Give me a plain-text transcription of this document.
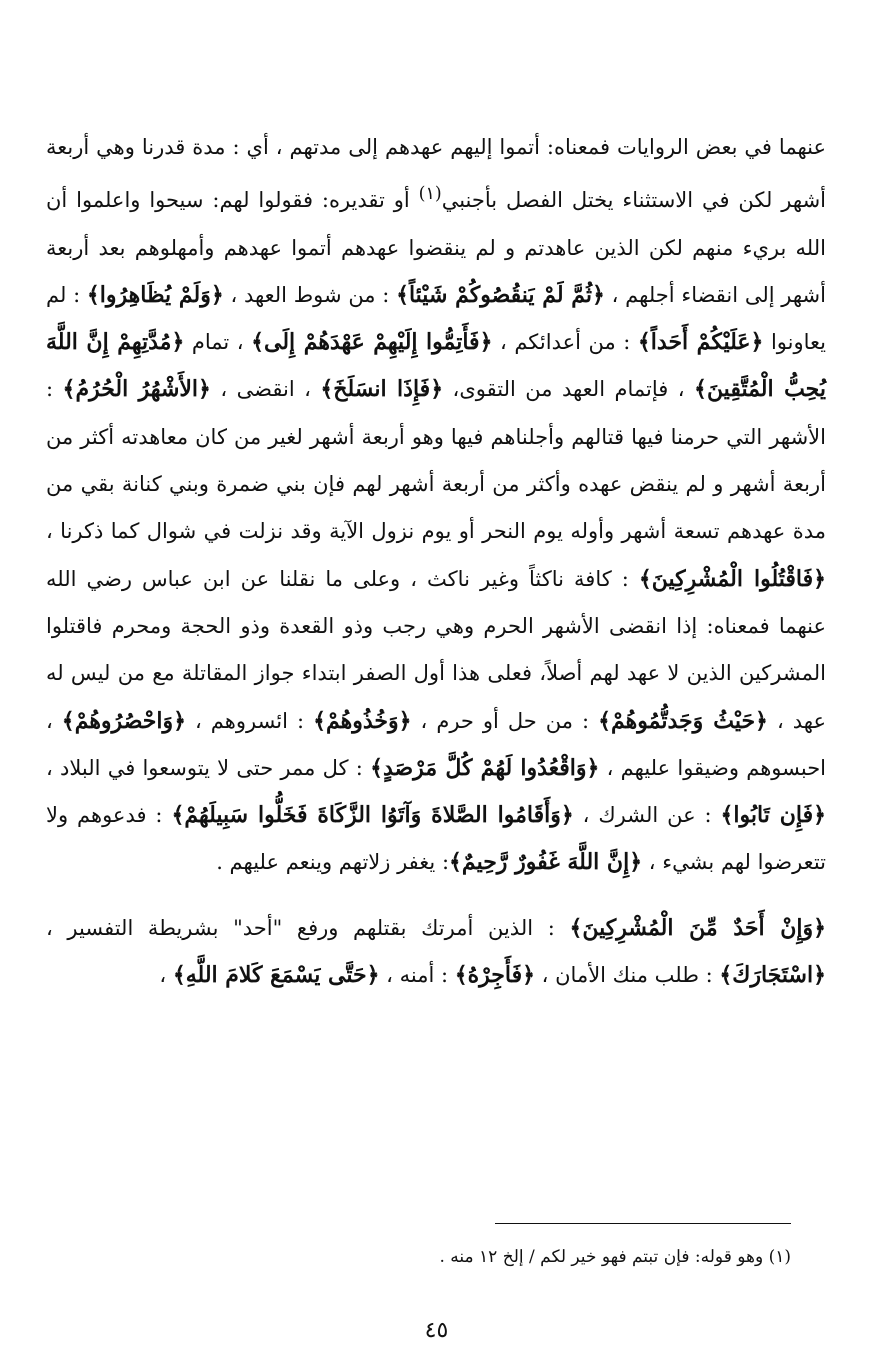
عنهما في بعض الروايات فمعناه: أتموا إليهم عهدهم إلى مدتهم ، أي : مدة قدرنا وهي أربعة أشهر لكن في الاستثناء يختل الفصل بأجنبي$^{(١)}$ أو تقديره: فقولوا لهم: سيحوا واعلموا أن الله بريء منهم لكن الذين عاهدتم و لم ينقضوا عهدهم أتموا عهدهم وأمهلوهم بعد أربعة أشهر إلى انقضاء أجلهم ، ﴿ثُمَّ لَمْ يَنقُصُوكُمْ شَيْئاً﴾ : من شوط العهد ، ﴿وَلَمْ يُظَاهِرُوا﴾ : لم يعاونوا ﴿عَلَيْكُمْ أَحَداً﴾ : من أعدائكم ، ﴿فَأَتِمُّوا إِلَيْهِمْ عَهْدَهُمْ إِلَى﴾ ، تمام ﴿مُدَّتِهِمْ إِنَّ اللَّهَ يُحِبُّ الْمُتَّقِينَ﴾ ، فإتمام العهد من التقوى، ﴿فَإِذَا انسَلَخَ﴾ ، انقضى ، ﴿الأَشْهُرُ الْحُرُمُ﴾ : الأشهر التي حرمنا فيها قتالهم وأجلناهم فيها وهو أربعة أشهر لغير من كان معاهدته أكثر من أربعة أشهر و لم ينقض عهده وأكثر من أربعة أشهر لهم فإن بني ضمرة وبني كنانة بقي من مدة عهدهم تسعة أشهر وأوله يوم النحر أو يوم نزول الآية وقد نزلت في شوال كما ذكرنا ، ﴿فَاقْتُلُوا الْمُشْرِكِينَ﴾ : كافة ناكثاً وغير ناكث ، وعلى ما نقلنا عن ابن عباس رضي الله عنهما فمعناه: إذا انقضى الأشهر الحرم وهي رجب وذو القعدة وذو الحجة ومحرم فاقتلوا المشركين الذين لا عهد لهم أصلاً، فعلى هذا أول الصفر ابتداء جواز المقاتلة مع من ليس له عهد ، ﴿حَيْثُ وَجَدتُّمُوهُمْ﴾ : من حل أو حرم ، ﴿وَخُذُوهُمْ﴾ : ائسروهم ، ﴿وَاحْصُرُوهُمْ﴾ ، احبسوهم وضيقوا عليهم ، ﴿وَاقْعُدُوا لَهُمْ كُلَّ مَرْصَدٍ﴾ : كل ممر حتى لا يتوسعوا في البلاد ، ﴿فَإِن تَابُوا﴾ : عن الشرك ، ﴿وَأَقَامُوا الصَّلاةَ وَآتَوُا الزَّكَاةَ فَخَلُّوا سَبِيلَهُمْ﴾ : فدعوهم ولا تتعرضوا لهم بشيء ، ﴿إِنَّ اللَّهَ غَفُورٌ رَّحِيمٌ﴾: يغفر زلاتهم وينعم عليهم .

﴿وَإِنْ أَحَدٌ مِّنَ الْمُشْرِكِينَ﴾ : الذين أمرتك بقتلهم ورفع "أحد" بشريطة التفسير ، ﴿اسْتَجَارَكَ﴾ : طلب منك الأمان ، ﴿فَأَجِرْهُ﴾ : أمنه ، ﴿حَتَّى يَسْمَعَ كَلامَ اللَّهِ﴾ ،

(١) وهو قوله: فإن تبتم فهو خير لكم / إلخ ١٢ منه .
٤٥
